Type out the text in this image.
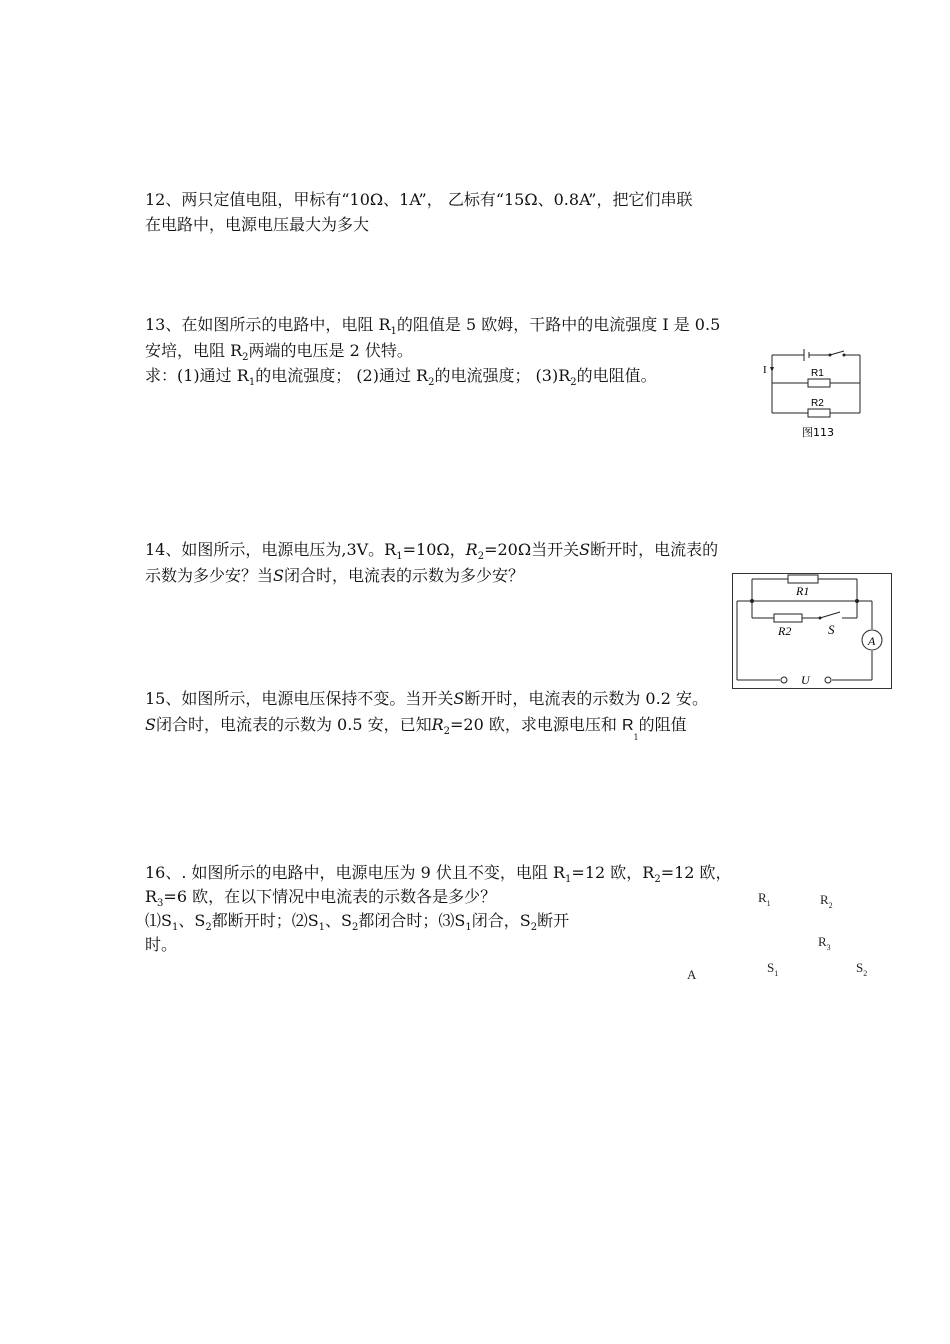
12、两只定值电阻，甲标有“10Ω、1A”， 乙标有“15Ω、0.8A”，把它们串联
在电路中，电源电压最大为多大
13、在如图所示的电路中，电阻 $R_1$的阻值是 5 欧姆，干路中的电流强度 I 是 0.5
安培，电阻 $R_2$两端的电压是 2 伏特。
求：(1)通过 $R_1$的电流强度； (2)通过 $R_2$的电流强度； $(3)R_2$的电阻值。	I	R1
R2
图113
14、如图所示，电源电压为,3V。$R_1=10\Omega$，$R_2=20\Omega$当开关S断开时，电流表的
示数为多少安？当S闭合时，电流表的示数为多少安？
R1
R2	S
A
U
15、如图所示，电源电压保持不变。当开关S断开时，电流表的示数为 0.2 安。
S闭合时，电流表的示数为 0.5 安，已知$R_2=20$ 欧，求电源电压和 $R_1$的阻值
16、. 如图所示的电路中，电源电压为 9 伏且不变，电阻 $R_1=12$ 欧，$R_2=12$ 欧，
$R_3=6$ 欧，在以下情况中电流表的示数各是多少？
$⑴S_1$、$S_2$都断开时；$⑵S_1$、$S_2$都闭合时；$⑶S_1$闭合，$S_2$断开
时。
$R_1$	$R_2$
$R_3$
A	$S_1$	$S_2$
